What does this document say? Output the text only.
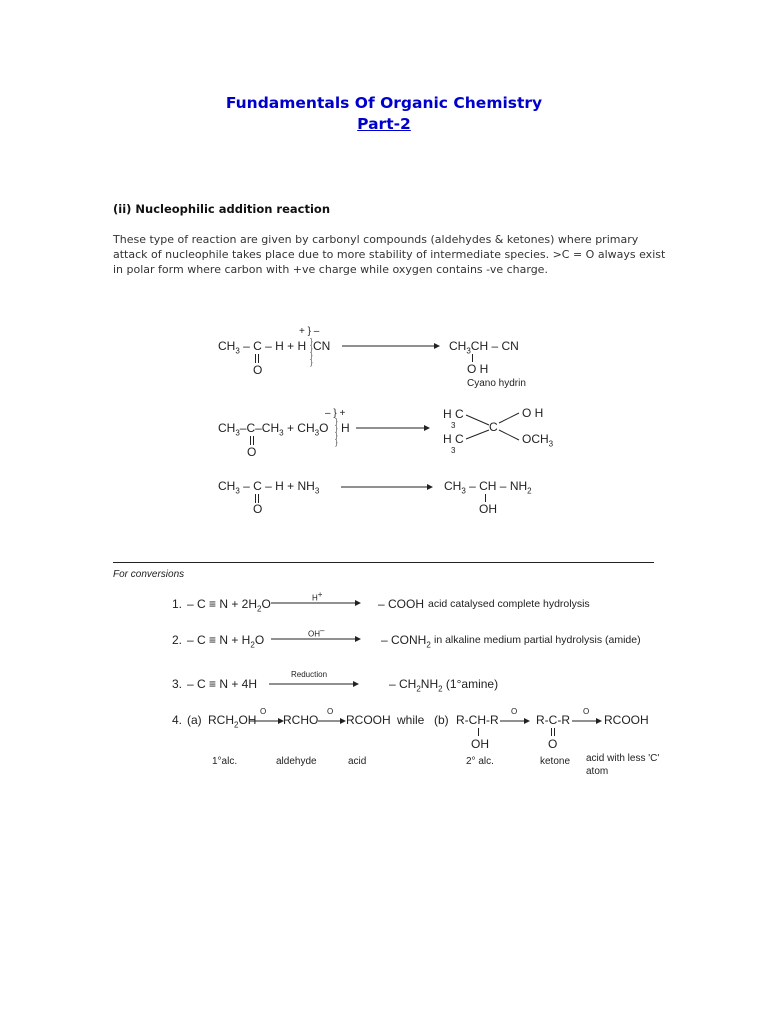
Fundamentals Of Organic Chemistry
Part-2
(ii) Nucleophilic addition reaction
These type of reaction are given by carbonyl compounds (aldehydes & ketones) where primary attack of nucleophile takes place due to more stability of intermediate species. >C = O always exist in polar form where carbon with +ve charge while oxygen contains -ve charge.
$CH_3 - C - H + H$ CN
+ } –
}
}
}
}
O
$CH_3CH$ – CN
O H
Cyano hydrin
$CH_3-C-CH_3 + CH_3O$ H
– } +
}
}
}
}
O
H C
3
H C
3
C
O H
$OCH_3$
$CH_3 - C - H + NH_3$
O
$CH_3$ – CH – $NH_2$
OH
For conversions
1. – $C \equiv N + 2H_2O$	H+
– COOH acid catalysed complete hydrolysis
2. – $C \equiv N + H_2O$	OH–
– $CONH_2$ in alkaline medium partial hydrolysis (amide)
3. – C ≡ N + 4H
Reduction
– $CH_2NH_2$ (1°amine)
4. (a) $RCH_2OH$
O
RCHO
O
RCOOH while (b) R-CH-R
OH
O
R-C-R
O
O
RCOOH
1°alc.	aldehyde	acid	2° alc.	ketone acid with less 'C'
atom
